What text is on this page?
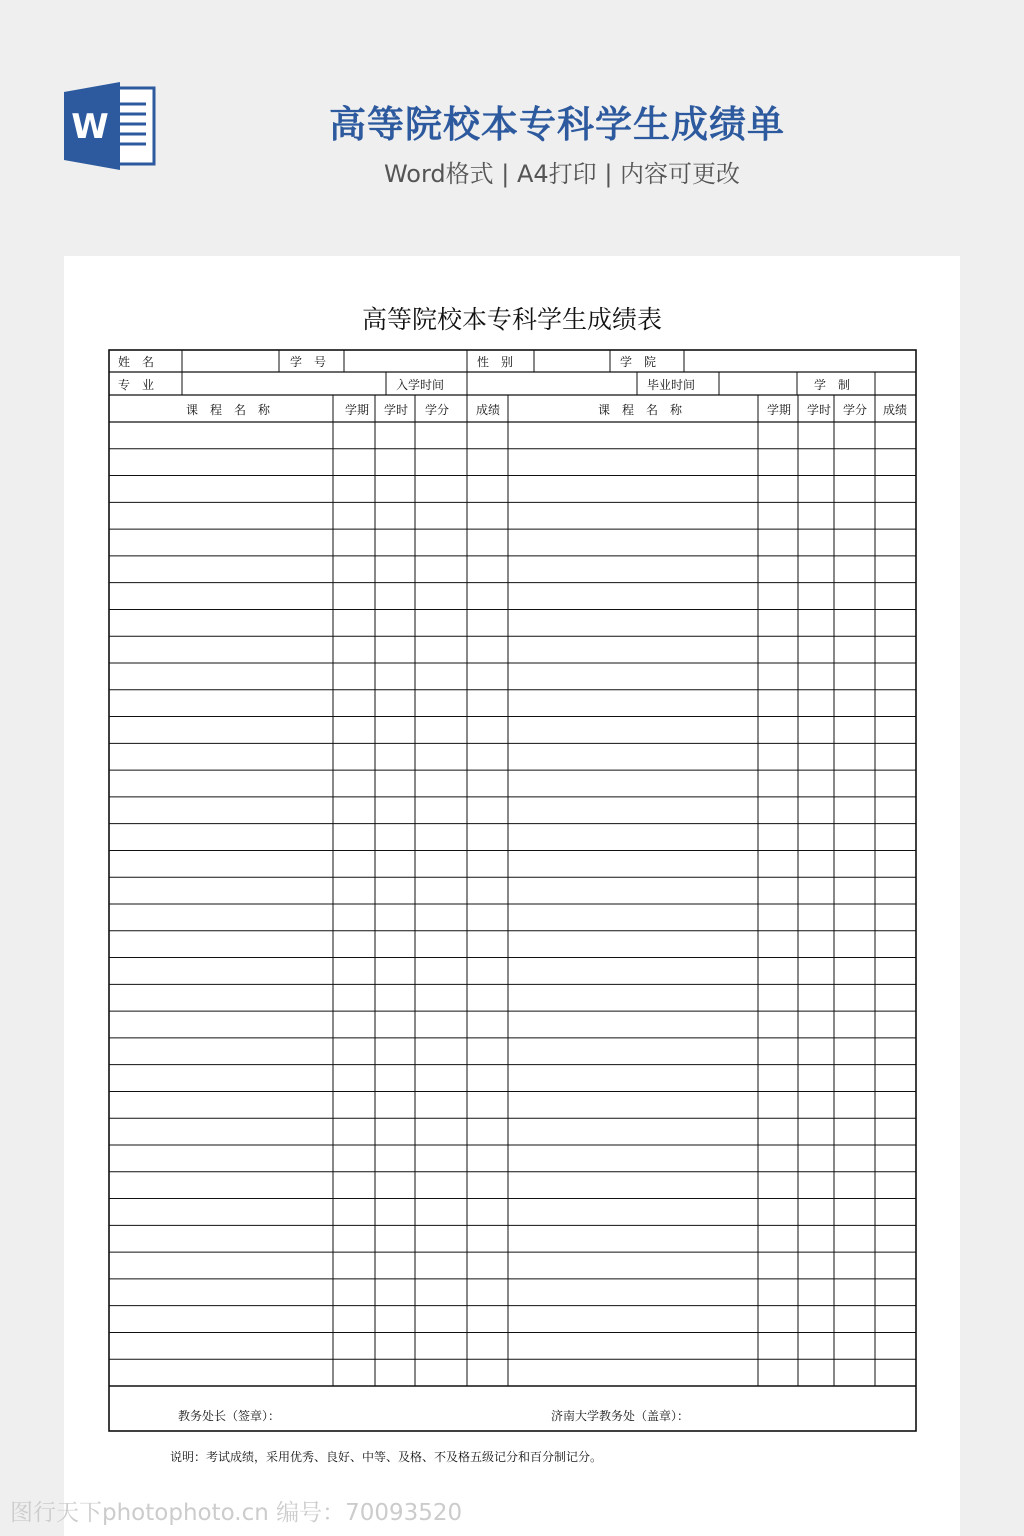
W	高等院校本专科学生成绩单
Word格式 | A4打印 | 内容可更改
高等院校本专科学生成绩表
姓　名	学　号	性　别	学　院
专　业	入学时间	毕业时间	学　制
课　程　名　称	学期 学时 学分 成绩	课　程　名　称	学期 学时 学分 成绩
教务处长（签章）：	济南大学教务处（盖章）：
说明：考试成绩，采用优秀、良好、中等、及格、不及格五级记分和百分制记分。
图行天下photophoto.cn 编号：70093520
